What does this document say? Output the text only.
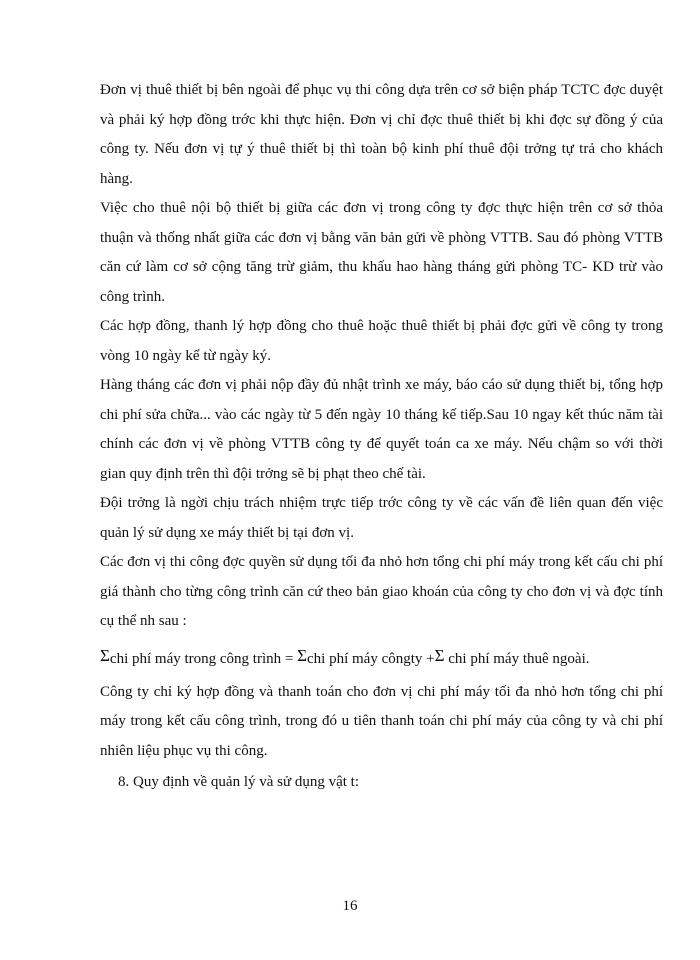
Đơn vị thuê thiết bị bên ngoài để phục vụ thi công dựa trên cơ sở biện pháp TCTC đợc duyệt và phải ký hợp đồng trớc khi thực hiện. Đơn vị chỉ đợc thuê thiết bị khi đợc sự đồng ý của công ty. Nếu đơn vị tự ý thuê thiết bị thì toàn bộ kinh phí thuê đội trởng tự trả cho khách hàng.

Việc cho thuê nội bộ thiết bị giữa các đơn vị trong công ty đợc thực hiện trên cơ sở thỏa thuận và thống nhất giữa các đơn vị bằng văn bản gửi về phòng VTTB. Sau đó phòng VTTB căn cứ làm cơ sở cộng tăng trừ giảm, thu khấu hao hàng tháng gửi phòng TC- KD trừ vào công trình.

Các hợp đồng, thanh lý hợp đồng cho thuê hoặc thuê thiết bị phải đợc gửi về công ty trong vòng 10 ngày kể từ ngày ký.

Hàng tháng các đơn vị phải nộp đầy đủ nhật trình xe máy, báo cáo sử dụng thiết bị, tổng hợp chi phí sửa chữa... vào các ngày từ 5 đến ngày 10 tháng kế tiếp.Sau 10 ngay kết thúc năm tài chính các đơn vị về phòng VTTB công ty để quyết toán ca xe máy. Nếu chậm so với thời gian quy định trên thì đội trởng sẽ bị phạt theo chế tài.

Đội trởng là ngời chịu trách nhiệm trực tiếp trớc công ty về các vấn đề liên quan đến việc quản lý sử dụng xe máy thiết bị tại đơn vị.

Các đơn vị thi công đợc quyền sử dụng tối đa nhỏ hơn tổng chi phí máy trong kết cấu chi phí giá thành cho từng công trình căn cứ theo bản giao khoán của công ty cho đơn vị và đợc tính cụ thể nh sau :

Σchi phí máy trong công trình = Σchi phí máy côngty +Σ chi phí máy thuê ngoài.

Công ty chỉ ký hợp đồng và thanh toán cho đơn vị chi phí máy tối đa nhỏ hơn tổng chi phí máy trong kết cấu công trình, trong đó u tiên thanh toán chi phí máy của công ty và chi phí nhiên liệu phục vụ thi công.

8. Quy định về quản lý và sử dụng vật t:

16
